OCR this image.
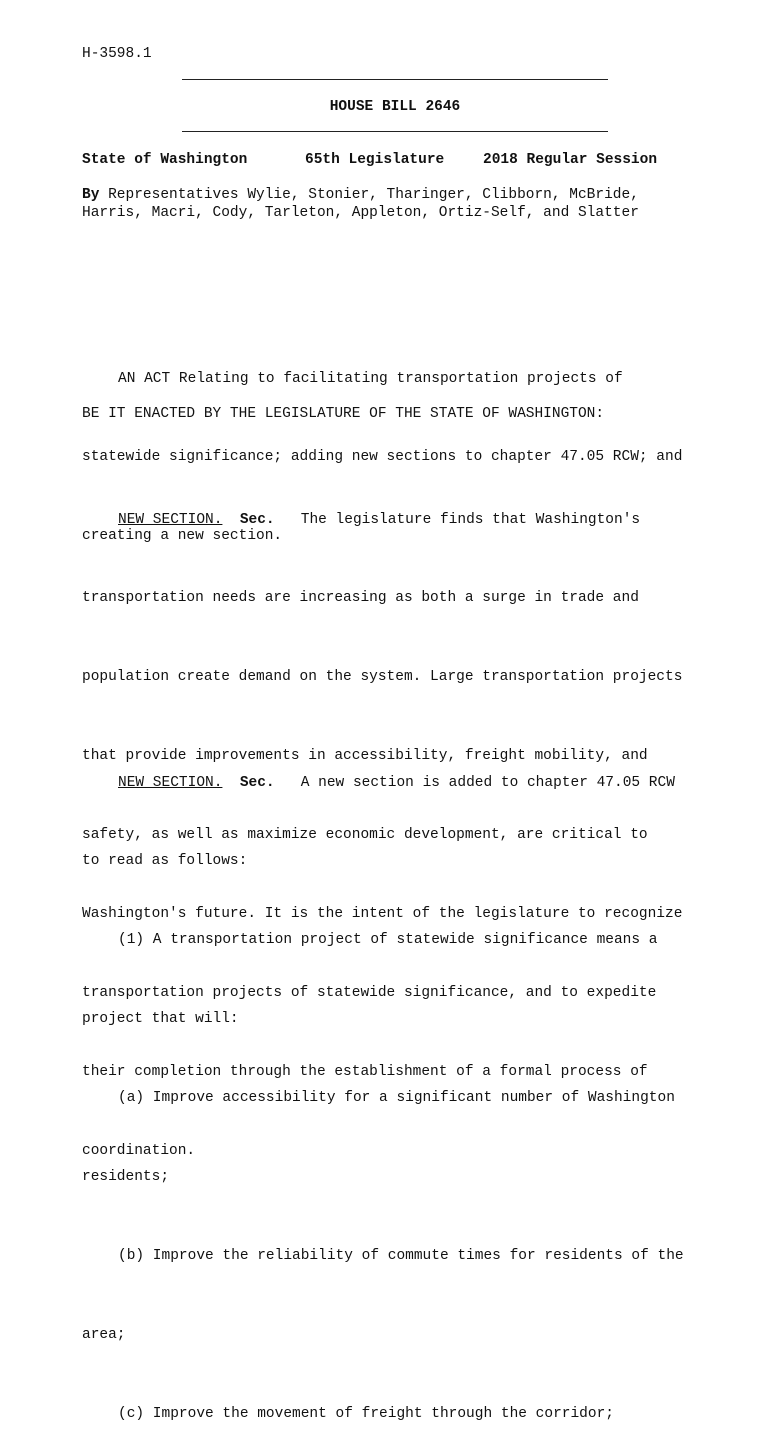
H-3598.1
HOUSE BILL 2646
State of Washington	65th Legislature	2018 Regular Session
By Representatives Wylie, Stonier, Tharinger, Clibborn, McBride,
Harris, Macri, Cody, Tarleton, Appleton, Ortiz-Self, and Slatter

AN ACT Relating to facilitating transportation projects of

statewide significance; adding new sections to chapter 47.05 RCW; and

creating a new section.

BE IT ENACTED BY THE LEGISLATURE OF THE STATE OF WASHINGTON:

NEW SECTION. Sec.   The legislature finds that Washington's

transportation needs are increasing as both a surge in trade and

population create demand on the system. Large transportation projects

that provide improvements in accessibility, freight mobility, and

safety, as well as maximize economic development, are critical to

Washington's future. It is the intent of the legislature to recognize

transportation projects of statewide significance, and to expedite

their completion through the establishment of a formal process of

coordination.

NEW SECTION. Sec.   A new section is added to chapter 47.05 RCW

to read as follows:

(1) A transportation project of statewide significance means a

project that will:

(a) Improve accessibility for a significant number of Washington

residents;

(b) Improve the reliability of commute times for residents of the

area;

(c) Improve the movement of freight through the corridor;
